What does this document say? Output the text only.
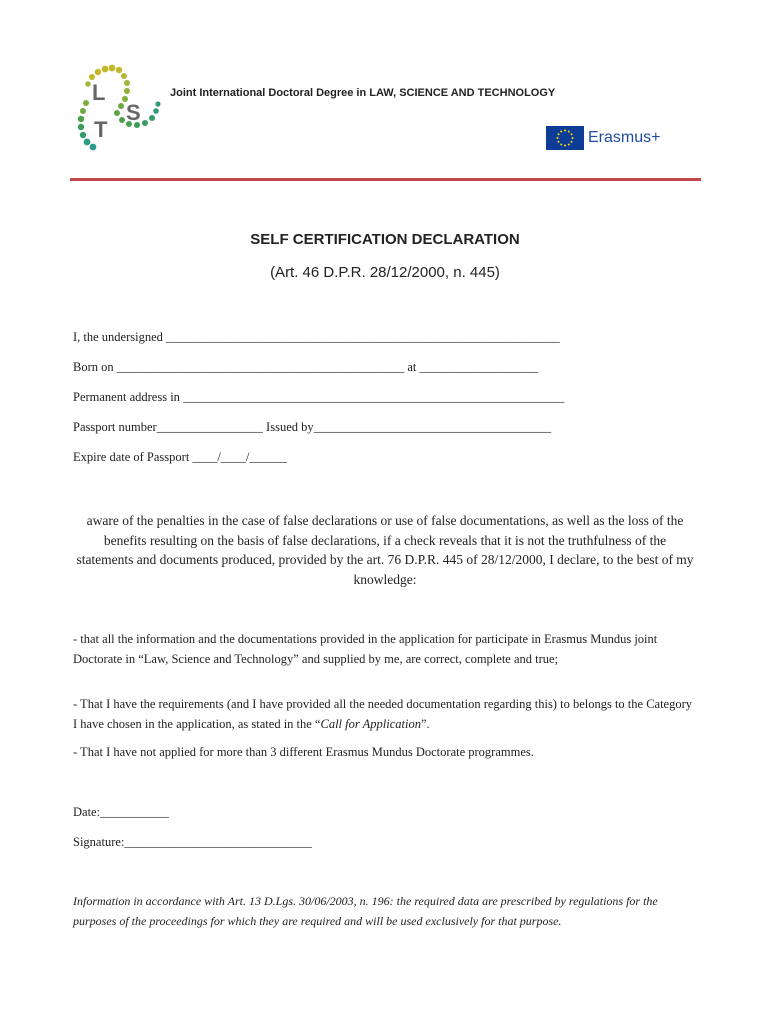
L
S
T
Joint International Doctoral Degree in LAW, SCIENCE AND TECHNOLOGY
Erasmus+
SELF CERTIFICATION DECLARATION
(Art. 46 D.P.R. 28/12/2000, n. 445)
I, the undersigned _______________________________________________________________
Born on ______________________________________________ at ___________________
Permanent address in _____________________________________________________________
Passport number_________________ Issued by______________________________________
Expire date of Passport ____/____/______
aware of the penalties in the case of false declarations or use of false documentations, as well as the loss of the benefits resulting on the basis of false declarations, if a check reveals that it is not the truthfulness of the statements and documents produced, provided by the art. 76 D.P.R. 445 of 28/12/2000, I declare, to the best of my knowledge:
- that all the information and the documentations provided in the application for participate in Erasmus Mundus joint Doctorate in “Law, Science and Technology” and supplied by me, are correct, complete and true;
- That I have the requirements (and I have provided all the needed documentation regarding this) to belongs to the Category I have chosen in the application, as stated in the “Call for Application”.
- That I have not applied for more than 3 different Erasmus Mundus Doctorate programmes.
Date:___________
Signature:______________________________
Information in accordance with Art. 13 D.Lgs. 30/06/2003, n. 196: the required data are prescribed by regulations for the purposes of the proceedings for which they are required and will be used exclusively for that purpose.
